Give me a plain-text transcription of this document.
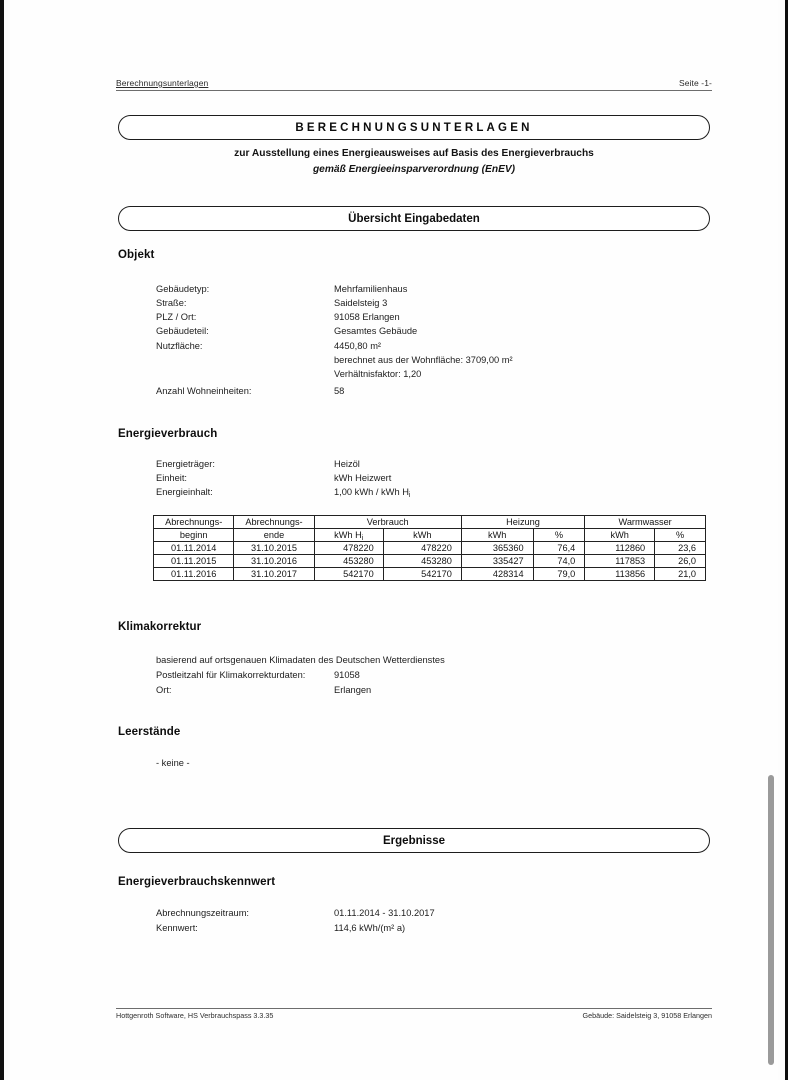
Berechnungsunterlagen	Seite -1-
BERECHNUNGSUNTERLAGEN
zur Ausstellung eines Energieausweises auf Basis des Energieverbrauchs
gemäß Energieeinsparverordnung (EnEV)
Übersicht Eingabedaten
Objekt
Gebäudetyp:	Mehrfamilienhaus
Straße:	Saidelsteig 3
PLZ / Ort:	91058 Erlangen
Gebäudeteil:	Gesamtes Gebäude
Nutzfläche:	4450,80 m²
berechnet aus der Wohnfläche: 3709,00 m²
Verhältnisfaktor: 1,20
Anzahl Wohneinheiten:	58
Energieverbrauch
Energieträger:	Heizöl
Einheit:	kWh Heizwert
Energieinhalt:	1,00 kWh / kWh $H_i$
Abrechnungs-	Abrechnungs-	Verbrauch		Heizung		Warmwasser	
beginn	ende	kWh $H_i$	kWh	kWh	%	kWh	%
01.11.2014	31.10.2015	478220	478220	365360	76,4	112860	23,6
01.11.2015	31.10.2016	453280	453280	335427	74,0	117853	26,0
01.11.2016	31.10.2017	542170	542170	428314	79,0	113856	21,0
Klimakorrektur
basierend auf ortsgenauen Klimadaten des Deutschen Wetterdienstes
Postleitzahl für Klimakorrekturdaten:	91058
Ort:	Erlangen
Leerstände
- keine -
Ergebnisse
Energieverbrauchskennwert
Abrechnungszeitraum:	01.11.2014 - 31.10.2017
Kennwert:	114,6 kWh/(m² a)
Hottgenroth Software, HS Verbrauchspass 3.3.35	Gebäude: Saidelsteig 3, 91058 Erlangen
